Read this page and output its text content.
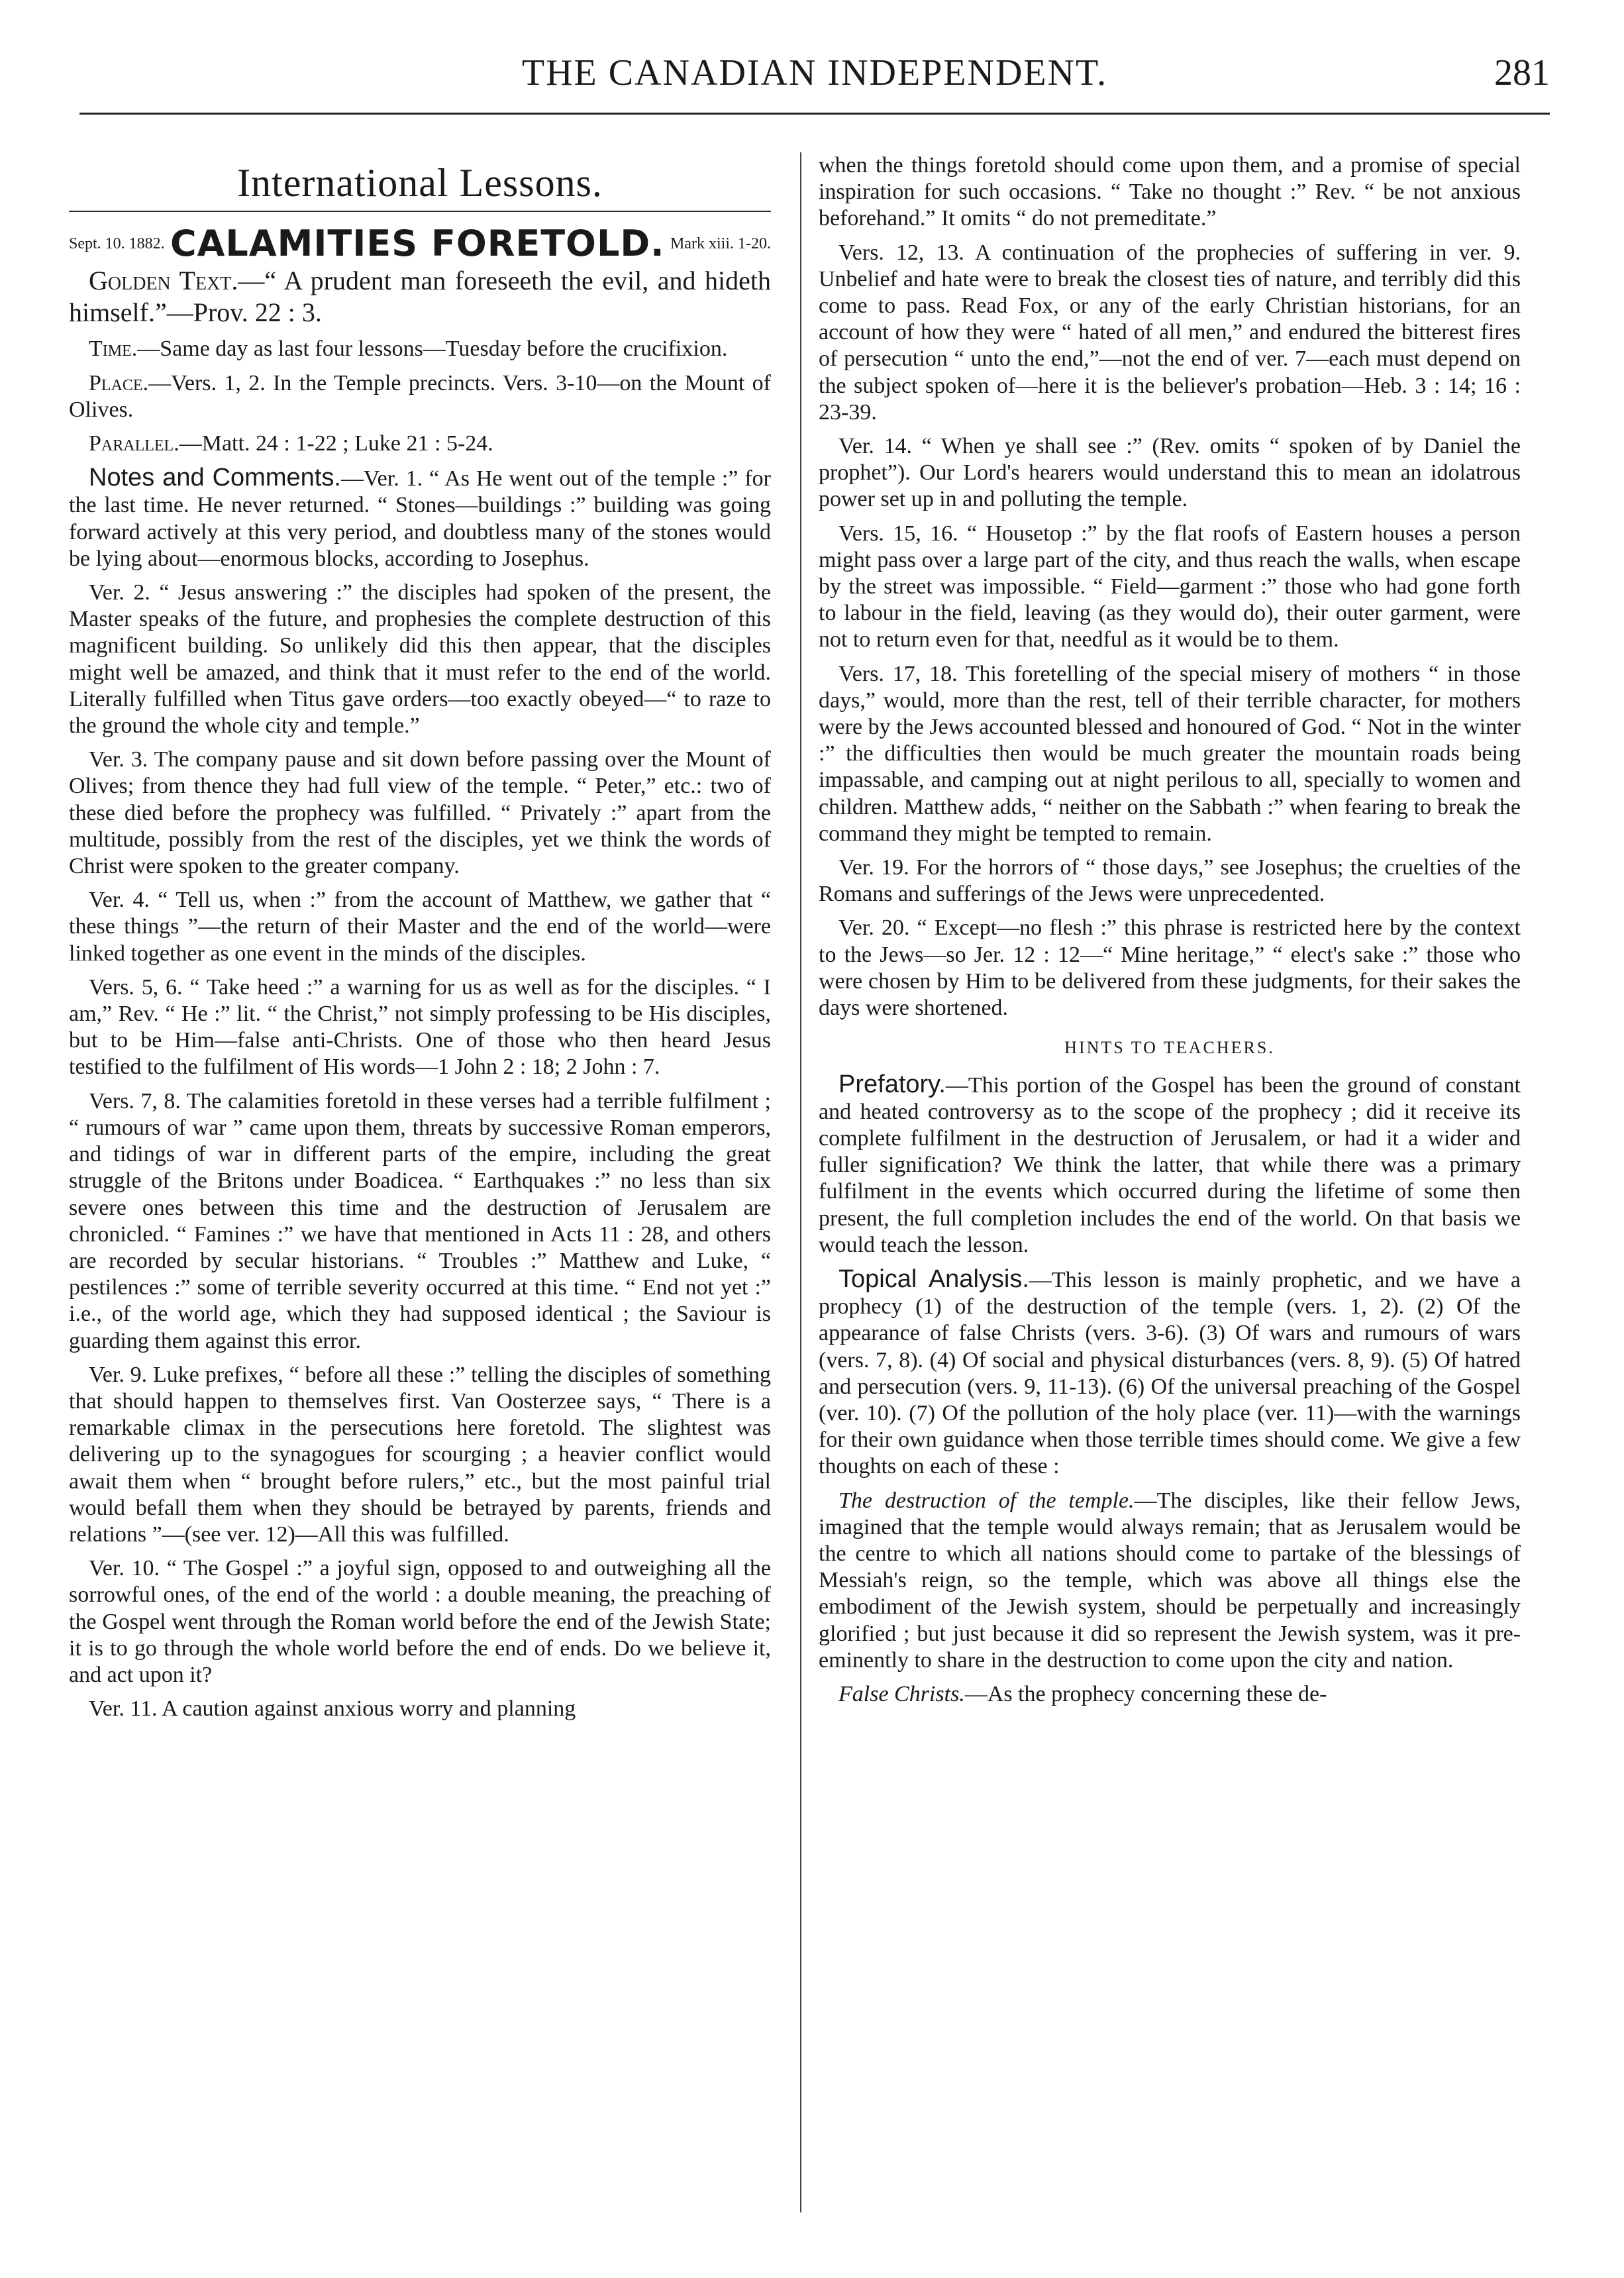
THE CANADIAN INDEPENDENT.	281
International Lessons.
Sept. 10. 1882. CALAMITIES FORETOLD. Mark xiii. 1-20.

Golden Text.—“ A prudent man foreseeth the evil, and hideth himself.”—Prov. 22 : 3.

Time.—Same day as last four lessons—Tuesday before the crucifixion.

Place.—Vers. 1, 2. In the Temple precincts. Vers. 3-10—on the Mount of Olives.

Parallel.—Matt. 24 : 1-22 ; Luke 21 : 5-24.

Notes and Comments.—Ver. 1. “ As He went out of the temple :” for the last time. He never returned. “ Stones—buildings :” building was going forward actively at this very period, and doubtless many of the stones would be lying about—enormous blocks, according to Josephus.

Ver. 2. “ Jesus answering :” the disciples had spoken of the present, the Master speaks of the future, and prophesies the complete destruction of this magnificent building. So unlikely did this then appear, that the disciples might well be amazed, and think that it must refer to the end of the world. Literally fulfilled when Titus gave orders—too exactly obeyed—“ to raze to the ground the whole city and temple.”

Ver. 3. The company pause and sit down before passing over the Mount of Olives; from thence they had full view of the temple. “ Peter,” etc.: two of these died before the prophecy was fulfilled. “ Privately :” apart from the multitude, possibly from the rest of the disciples, yet we think the words of Christ were spoken to the greater company.

Ver. 4. “ Tell us, when :” from the account of Matthew, we gather that “ these things ”—the return of their Master and the end of the world—were linked together as one event in the minds of the disciples.

Vers. 5, 6. “ Take heed :” a warning for us as well as for the disciples. “ I am,” Rev. “ He :” lit. “ the Christ,” not simply professing to be His disciples, but to be Him—false anti-Christs. One of those who then heard Jesus testified to the fulfilment of His words—1 John 2 : 18; 2 John : 7.

Vers. 7, 8. The calamities foretold in these verses had a terrible fulfilment ; “ rumours of war ” came upon them, threats by successive Roman emperors, and tidings of war in different parts of the empire, including the great struggle of the Britons under Boadicea. “ Earthquakes :” no less than six severe ones between this time and the destruction of Jerusalem are chronicled. “ Famines :” we have that mentioned in Acts 11 : 28, and others are recorded by secular historians. “ Troubles :” Matthew and Luke, “ pestilences :” some of terrible severity occurred at this time. “ End not yet :” i.e., of the world age, which they had supposed identical ; the Saviour is guarding them against this error.

Ver. 9. Luke prefixes, “ before all these :” telling the disciples of something that should happen to themselves first. Van Oosterzee says, “ There is a remarkable climax in the persecutions here foretold. The slightest was delivering up to the synagogues for scourging ; a heavier conflict would await them when “ brought before rulers,” etc., but the most painful trial would befall them when they should be betrayed by parents, friends and relations ”—(see ver. 12)—All this was fulfilled.

Ver. 10. “ The Gospel :” a joyful sign, opposed to and outweighing all the sorrowful ones, of the end of the world : a double meaning, the preaching of the Gospel went through the Roman world before the end of the Jewish State; it is to go through the whole world before the end of ends. Do we believe it, and act upon it?

Ver. 11. A caution against anxious worry and planning

when the things foretold should come upon them, and a promise of special inspiration for such occasions. “ Take no thought :” Rev. “ be not anxious beforehand.” It omits “ do not premeditate.”

Vers. 12, 13. A continuation of the prophecies of suffering in ver. 9. Unbelief and hate were to break the closest ties of nature, and terribly did this come to pass. Read Fox, or any of the early Christian historians, for an account of how they were “ hated of all men,” and endured the bitterest fires of persecution “ unto the end,”—not the end of ver. 7—each must depend on the subject spoken of—here it is the believer's probation—Heb. 3 : 14; 16 : 23-39.

Ver. 14. “ When ye shall see :” (Rev. omits “ spoken of by Daniel the prophet”). Our Lord's hearers would understand this to mean an idolatrous power set up in and polluting the temple.

Vers. 15, 16. “ Housetop :” by the flat roofs of Eastern houses a person might pass over a large part of the city, and thus reach the walls, when escape by the street was impossible. “ Field—garment :” those who had gone forth to labour in the field, leaving (as they would do), their outer garment, were not to return even for that, needful as it would be to them.

Vers. 17, 18. This foretelling of the special misery of mothers “ in those days,” would, more than the rest, tell of their terrible character, for mothers were by the Jews accounted blessed and honoured of God. “ Not in the winter :” the difficulties then would be much greater the mountain roads being impassable, and camping out at night perilous to all, specially to women and children. Matthew adds, “ neither on the Sabbath :” when fearing to break the command they might be tempted to remain.

Ver. 19. For the horrors of “ those days,” see Josephus; the cruelties of the Romans and sufferings of the Jews were unprecedented.

Ver. 20. “ Except—no flesh :” this phrase is restricted here by the context to the Jews—so Jer. 12 : 12—“ Mine heritage,” “ elect's sake :” those who were chosen by Him to be delivered from these judgments, for their sakes the days were shortened.

HINTS TO TEACHERS.

Prefatory.—This portion of the Gospel has been the ground of constant and heated controversy as to the scope of the prophecy ; did it receive its complete fulfilment in the destruction of Jerusalem, or had it a wider and fuller signification? We think the latter, that while there was a primary fulfilment in the events which occurred during the lifetime of some then present, the full completion includes the end of the world. On that basis we would teach the lesson.

Topical Analysis.—This lesson is mainly prophetic, and we have a prophecy (1) of the destruction of the temple (vers. 1, 2). (2) Of the appearance of false Christs (vers. 3-6). (3) Of wars and rumours of wars (vers. 7, 8). (4) Of social and physical disturbances (vers. 8, 9). (5) Of hatred and persecution (vers. 9, 11-13). (6) Of the universal preaching of the Gospel (ver. 10). (7) Of the pollution of the holy place (ver. 11)—with the warnings for their own guidance when those terrible times should come. We give a few thoughts on each of these :

The destruction of the temple.—The disciples, like their fellow Jews, imagined that the temple would always remain; that as Jerusalem would be the centre to which all nations should come to partake of the blessings of Messiah's reign, so the temple, which was above all things else the embodiment of the Jewish system, should be perpetually and increasingly glorified ; but just because it did so represent the Jewish system, was it pre-eminently to share in the destruction to come upon the city and nation.

False Christs.—As the prophecy concerning these de-
